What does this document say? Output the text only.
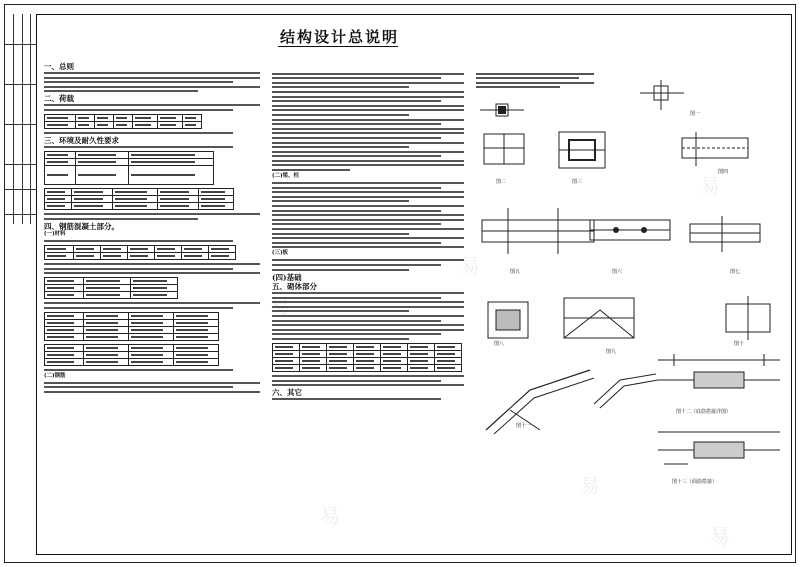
结构设计总说明
一、总则
二、荷载

三、环境及耐久性要求

四、钢筋混凝土部分。
(一)材料

(二)钢筋
(二)梁、柱
(三)板
(四)基础
五、砌体部分

六、其它
图一
图二	图三
图四
图五	图六	图七
图八
图九
图十
图十一
图十二（底筋搭接详图）
图十三（面筋搭接）
易
易
易
易
易
易
